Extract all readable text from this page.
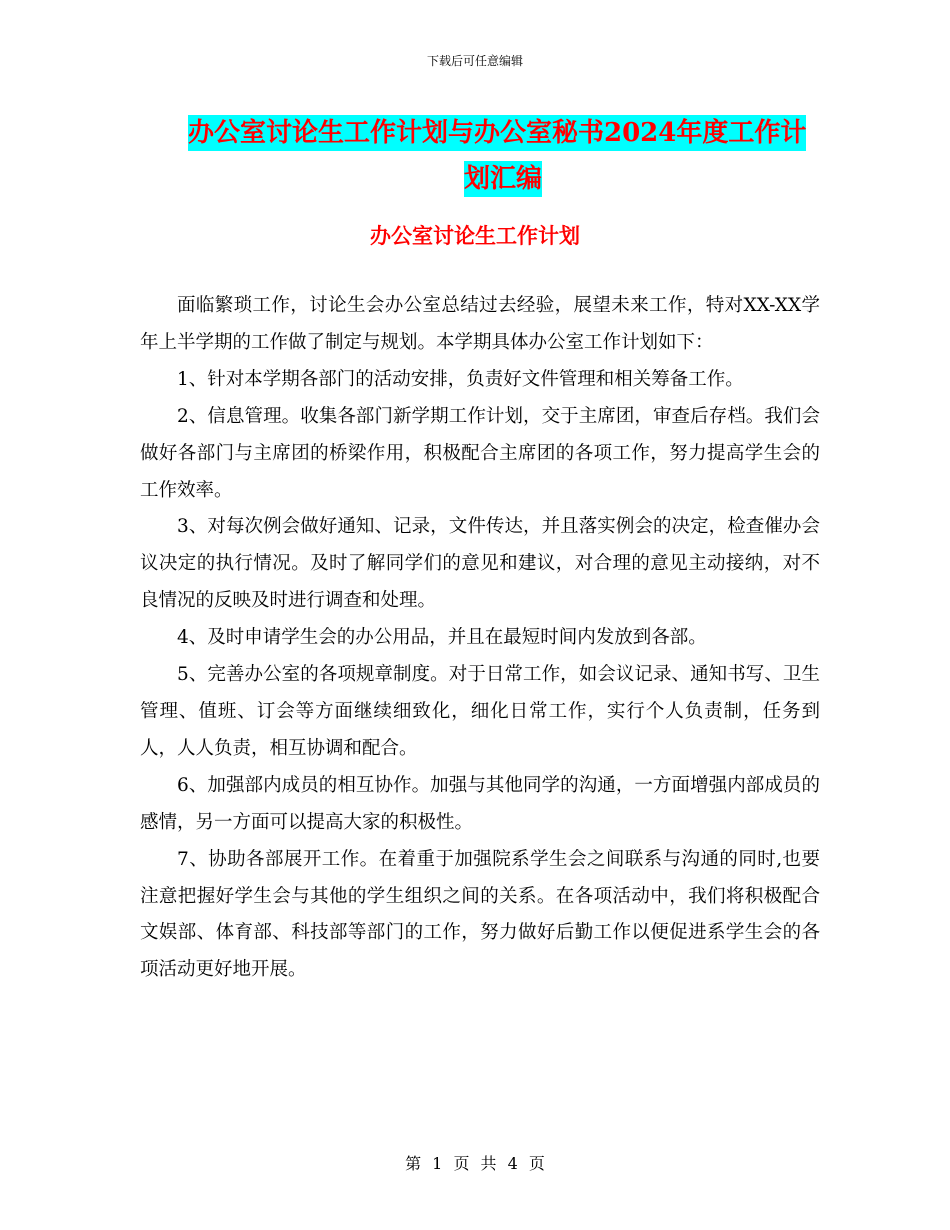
下载后可任意编辑
办公室讨论生工作计划与办公室秘书2024年度工作计
划汇编
办公室讨论生工作计划

面临繁琐工作，讨论生会办公室总结过去经验，展望未来工作，特对XX-XX学年上半学期的工作做了制定与规划。本学期具体办公室工作计划如下：

1、针对本学期各部门的活动安排，负责好文件管理和相关筹备工作。

2、信息管理。收集各部门新学期工作计划，交于主席团，审查后存档。我们会做好各部门与主席团的桥梁作用，积极配合主席团的各项工作，努力提高学生会的工作效率。

3、对每次例会做好通知、记录，文件传达，并且落实例会的决定，检查催办会议决定的执行情况。及时了解同学们的意见和建议，对合理的意见主动接纳，对不良情况的反映及时进行调查和处理。

4、及时申请学生会的办公用品，并且在最短时间内发放到各部。

5、完善办公室的各项规章制度。对于日常工作，如会议记录、通知书写、卫生管理、值班、订会等方面继续细致化，细化日常工作，实行个人负责制，任务到人，人人负责，相互协调和配合。

6、加强部内成员的相互协作。加强与其他同学的沟通，一方面增强内部成员的感情，另一方面可以提高大家的积极性。

7、协助各部展开工作。在着重于加强院系学生会之间联系与沟通的同时,也要注意把握好学生会与其他的学生组织之间的关系。在各项活动中，我们将积极配合文娱部、体育部、科技部等部门的工作，努力做好后勤工作以便促进系学生会的各项活动更好地开展。

第 1 页 共 4 页
